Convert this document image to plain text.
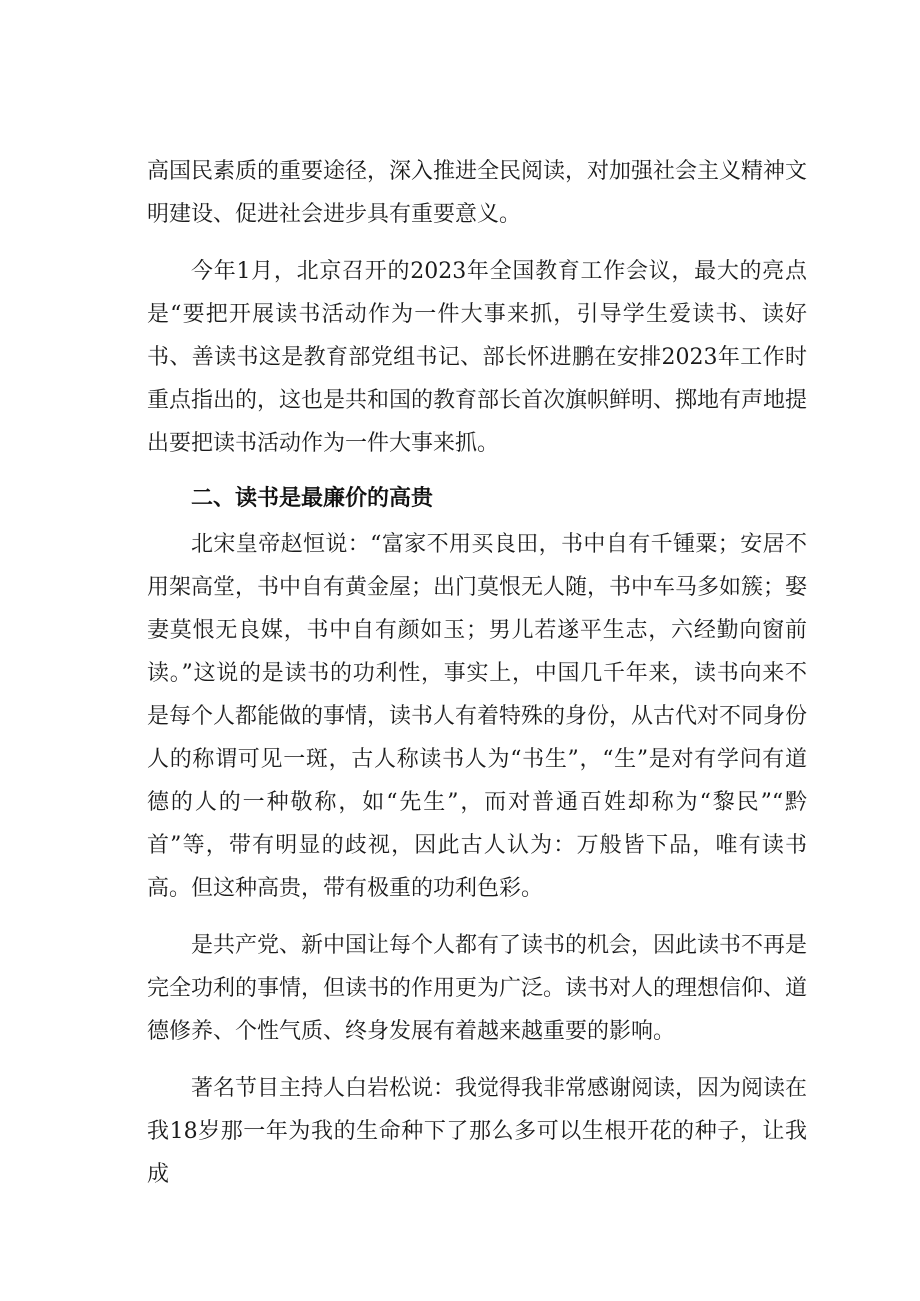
高国民素质的重要途径，深入推进全民阅读，对加强社会主义精神文明建设、促进社会进步具有重要意义。

今年1月，北京召开的2023年全国教育工作会议，最大的亮点是“要把开展读书活动作为一件大事来抓，引导学生爱读书、读好书、善读书这是教育部党组书记、部长怀进鹏在安排2023年工作时重点指出的，这也是共和国的教育部长首次旗帜鲜明、掷地有声地提出要把读书活动作为一件大事来抓。

二、读书是最廉价的高贵

北宋皇帝赵恒说：“富家不用买良田，书中自有千锺粟；安居不用架高堂，书中自有黄金屋；出门莫恨无人随，书中车马多如簇；娶妻莫恨无良媒，书中自有颜如玉；男儿若遂平生志，六经勤向窗前读。”这说的是读书的功利性，事实上，中国几千年来，读书向来不是每个人都能做的事情，读书人有着特殊的身份，从古代对不同身份人的称谓可见一斑，古人称读书人为“书生”，“生”是对有学问有道德的人的一种敬称，如“先生”，而对普通百姓却称为“黎民”“黔首”等，带有明显的歧视，因此古人认为：万般皆下品，唯有读书高。但这种高贵，带有极重的功利色彩。

是共产党、新中国让每个人都有了读书的机会，因此读书不再是完全功利的事情，但读书的作用更为广泛。读书对人的理想信仰、道德修养、个性气质、终身发展有着越来越重要的影响。

著名节目主持人白岩松说：我觉得我非常感谢阅读，因为阅读在我18岁那一年为我的生命种下了那么多可以生根开花的种子，让我成
